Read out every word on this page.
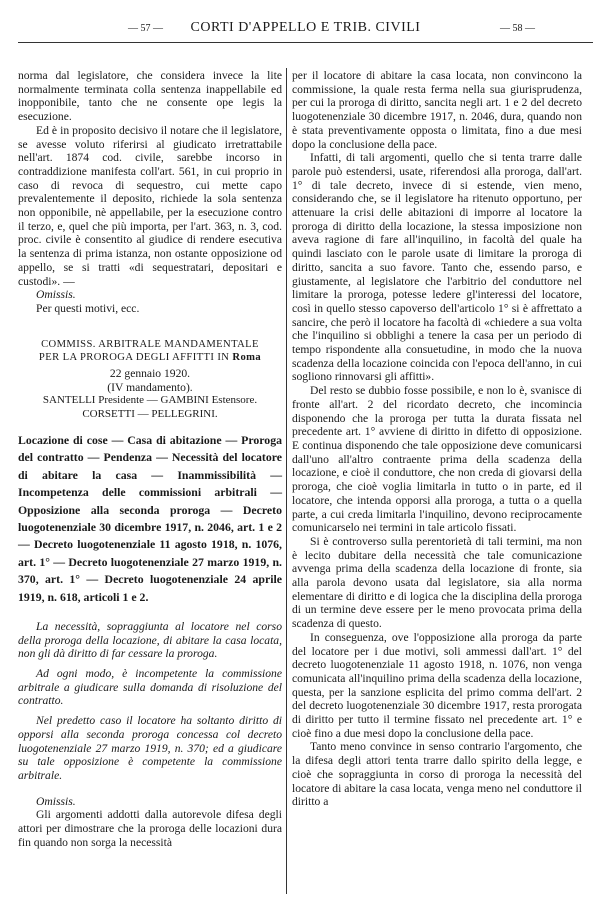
— 57 —	CORTI D'APPELLO E TRIB. CIVILI	— 58 —

norma dal legislatore, che considera invece la lite normalmente terminata colla sentenza inappellabile ed inopponibile, tanto che ne consente ope legis la esecuzione.

Ed è in proposito decisivo il notare che il legislatore, se avesse voluto riferirsi al giudicato irretrattabile nell'art. 1874 cod. civile, sarebbe incorso in contraddizione manifesta coll'art. 561, in cui proprio in caso di revoca di sequestro, cui mette capo prevalentemente il deposito, richiede la sola sentenza non opponibile, nè appellabile, per la esecuzione contro il terzo, e, quel che più importa, per l'art. 363, n. 3, cod. proc. civile è consentito al giudice di rendere esecutiva la sentenza di prima istanza, non ostante opposizione od appello, se si tratti «di sequestratari, depositari e custodi». —

Omissis.

Per questi motivi, ecc.

COMMISS. ARBITRALE MANDAMENTALE

PER LA PROROGA DEGLI AFFITTI IN Roma

22 gennaio 1920.

(IV mandamento).

SANTELLI Presidente — GAMBINI Estensore.

CORSETTI — PELLEGRINI.

Locazione di cose — Casa di abitazione — Proroga del contratto — Pendenza — Necessità del locatore di abitare la casa — Inammissibilità — Incompetenza delle commissioni arbitrali — Opposizione alla seconda proroga — Decreto luogotenenziale 30 dicembre 1917, n. 2046, art. 1 e 2 — Decreto luogotenenziale 11 agosto 1918, n. 1076, art. 1° — Decreto luogotenenziale 27 marzo 1919, n. 370, art. 1° — Decreto luogotenenziale 24 aprile 1919, n. 618, articoli 1 e 2.

La necessità, sopraggiunta al locatore nel corso della proroga della locazione, di abitare la casa locata, non gli dà diritto di far cessare la proroga.

Ad ogni modo, è incompetente la commissione arbitrale a giudicare sulla domanda di risoluzione del contratto.

Nel predetto caso il locatore ha soltanto diritto di opporsi alla seconda proroga concessa col decreto luogotenenziale 27 marzo 1919, n. 370; ed a giudicare su tale opposizione è competente la commissione arbitrale.

Omissis.

Gli argomenti addotti dalla autorevole difesa degli attori per dimostrare che la proroga delle locazioni dura fin quando non sorga la necessità

per il locatore di abitare la casa locata, non convincono la commissione, la quale resta ferma nella sua giurisprudenza, per cui la proroga di diritto, sancita negli art. 1 e 2 del decreto luogotenenziale 30 dicembre 1917, n. 2046, dura, quando non è stata preventivamente opposta o limitata, fino a due mesi dopo la conclusione della pace.

Infatti, di tali argomenti, quello che si tenta trarre dalle parole può estendersi, usate, riferendosi alla proroga, dall'art. 1° di tale decreto, invece di si estende, vien meno, considerando che, se il legislatore ha ritenuto opportuno, per attenuare la crisi delle abitazioni di imporre al locatore la proroga di diritto della locazione, la stessa imposizione non aveva ragione di fare all'inquilino, in facoltà del quale ha quindi lasciato con le parole usate di limitare la proroga di diritto, sancita a suo favore. Tanto che, essendo parso, e giustamente, al legislatore che l'arbitrio del conduttore nel limitare la proroga, potesse ledere gl'interessi del locatore, così in quello stesso capoverso dell'articolo 1° si è affrettato a sancire, che però il locatore ha facoltà di «chiedere a sua volta che l'inquilino si obblighi a tenere la casa per un periodo di tempo rispondente alla consuetudine, in modo che la nuova scadenza della locazione coincida con l'epoca dell'anno, in cui sogliono rinnovarsi gli affitti».

Del resto se dubbio fosse possibile, e non lo è, svanisce di fronte all'art. 2 del ricordato decreto, che incomincia disponendo che la proroga per tutta la durata fissata nel precedente art. 1° avviene di diritto in difetto di opposizione. E continua disponendo che tale opposizione deve comunicarsi dall'uno all'altro contraente prima della scadenza della locazione, e cioè il conduttore, che non creda di giovarsi della proroga, che cioè voglia limitarla in tutto o in parte, ed il locatore, che intenda opporsi alla proroga, a tutta o a quella parte, a cui creda limitarla l'inquilino, devono reciprocamente comunicarselo nei termini in tale articolo fissati.

Si è controverso sulla perentorietà di tali termini, ma non è lecito dubitare della necessità che tale comunicazione avvenga prima della scadenza della locazione di fronte, sia alla parola devono usata dal legislatore, sia alla norma elementare di diritto e di logica che la disciplina della proroga di un termine deve essere per le meno provocata prima della scadenza di questo.

In conseguenza, ove l'opposizione alla proroga da parte del locatore per i due motivi, soli ammessi dall'art. 1° del decreto luogotenenziale 11 agosto 1918, n. 1076, non venga comunicata all'inquilino prima della scadenza della locazione, questa, per la sanzione esplicita del primo comma dell'art. 2 del decreto luogotenenziale 30 dicembre 1917, resta prorogata di diritto per tutto il termine fissato nel precedente art. 1° e cioè fino a due mesi dopo la conclusione della pace.

Tanto meno convince in senso contrario l'argomento, che la difesa degli attori tenta trarre dallo spirito della legge, e cioè che sopraggiunta in corso di proroga la necessità del locatore di abitare la casa locata, venga meno nel conduttore il diritto a
